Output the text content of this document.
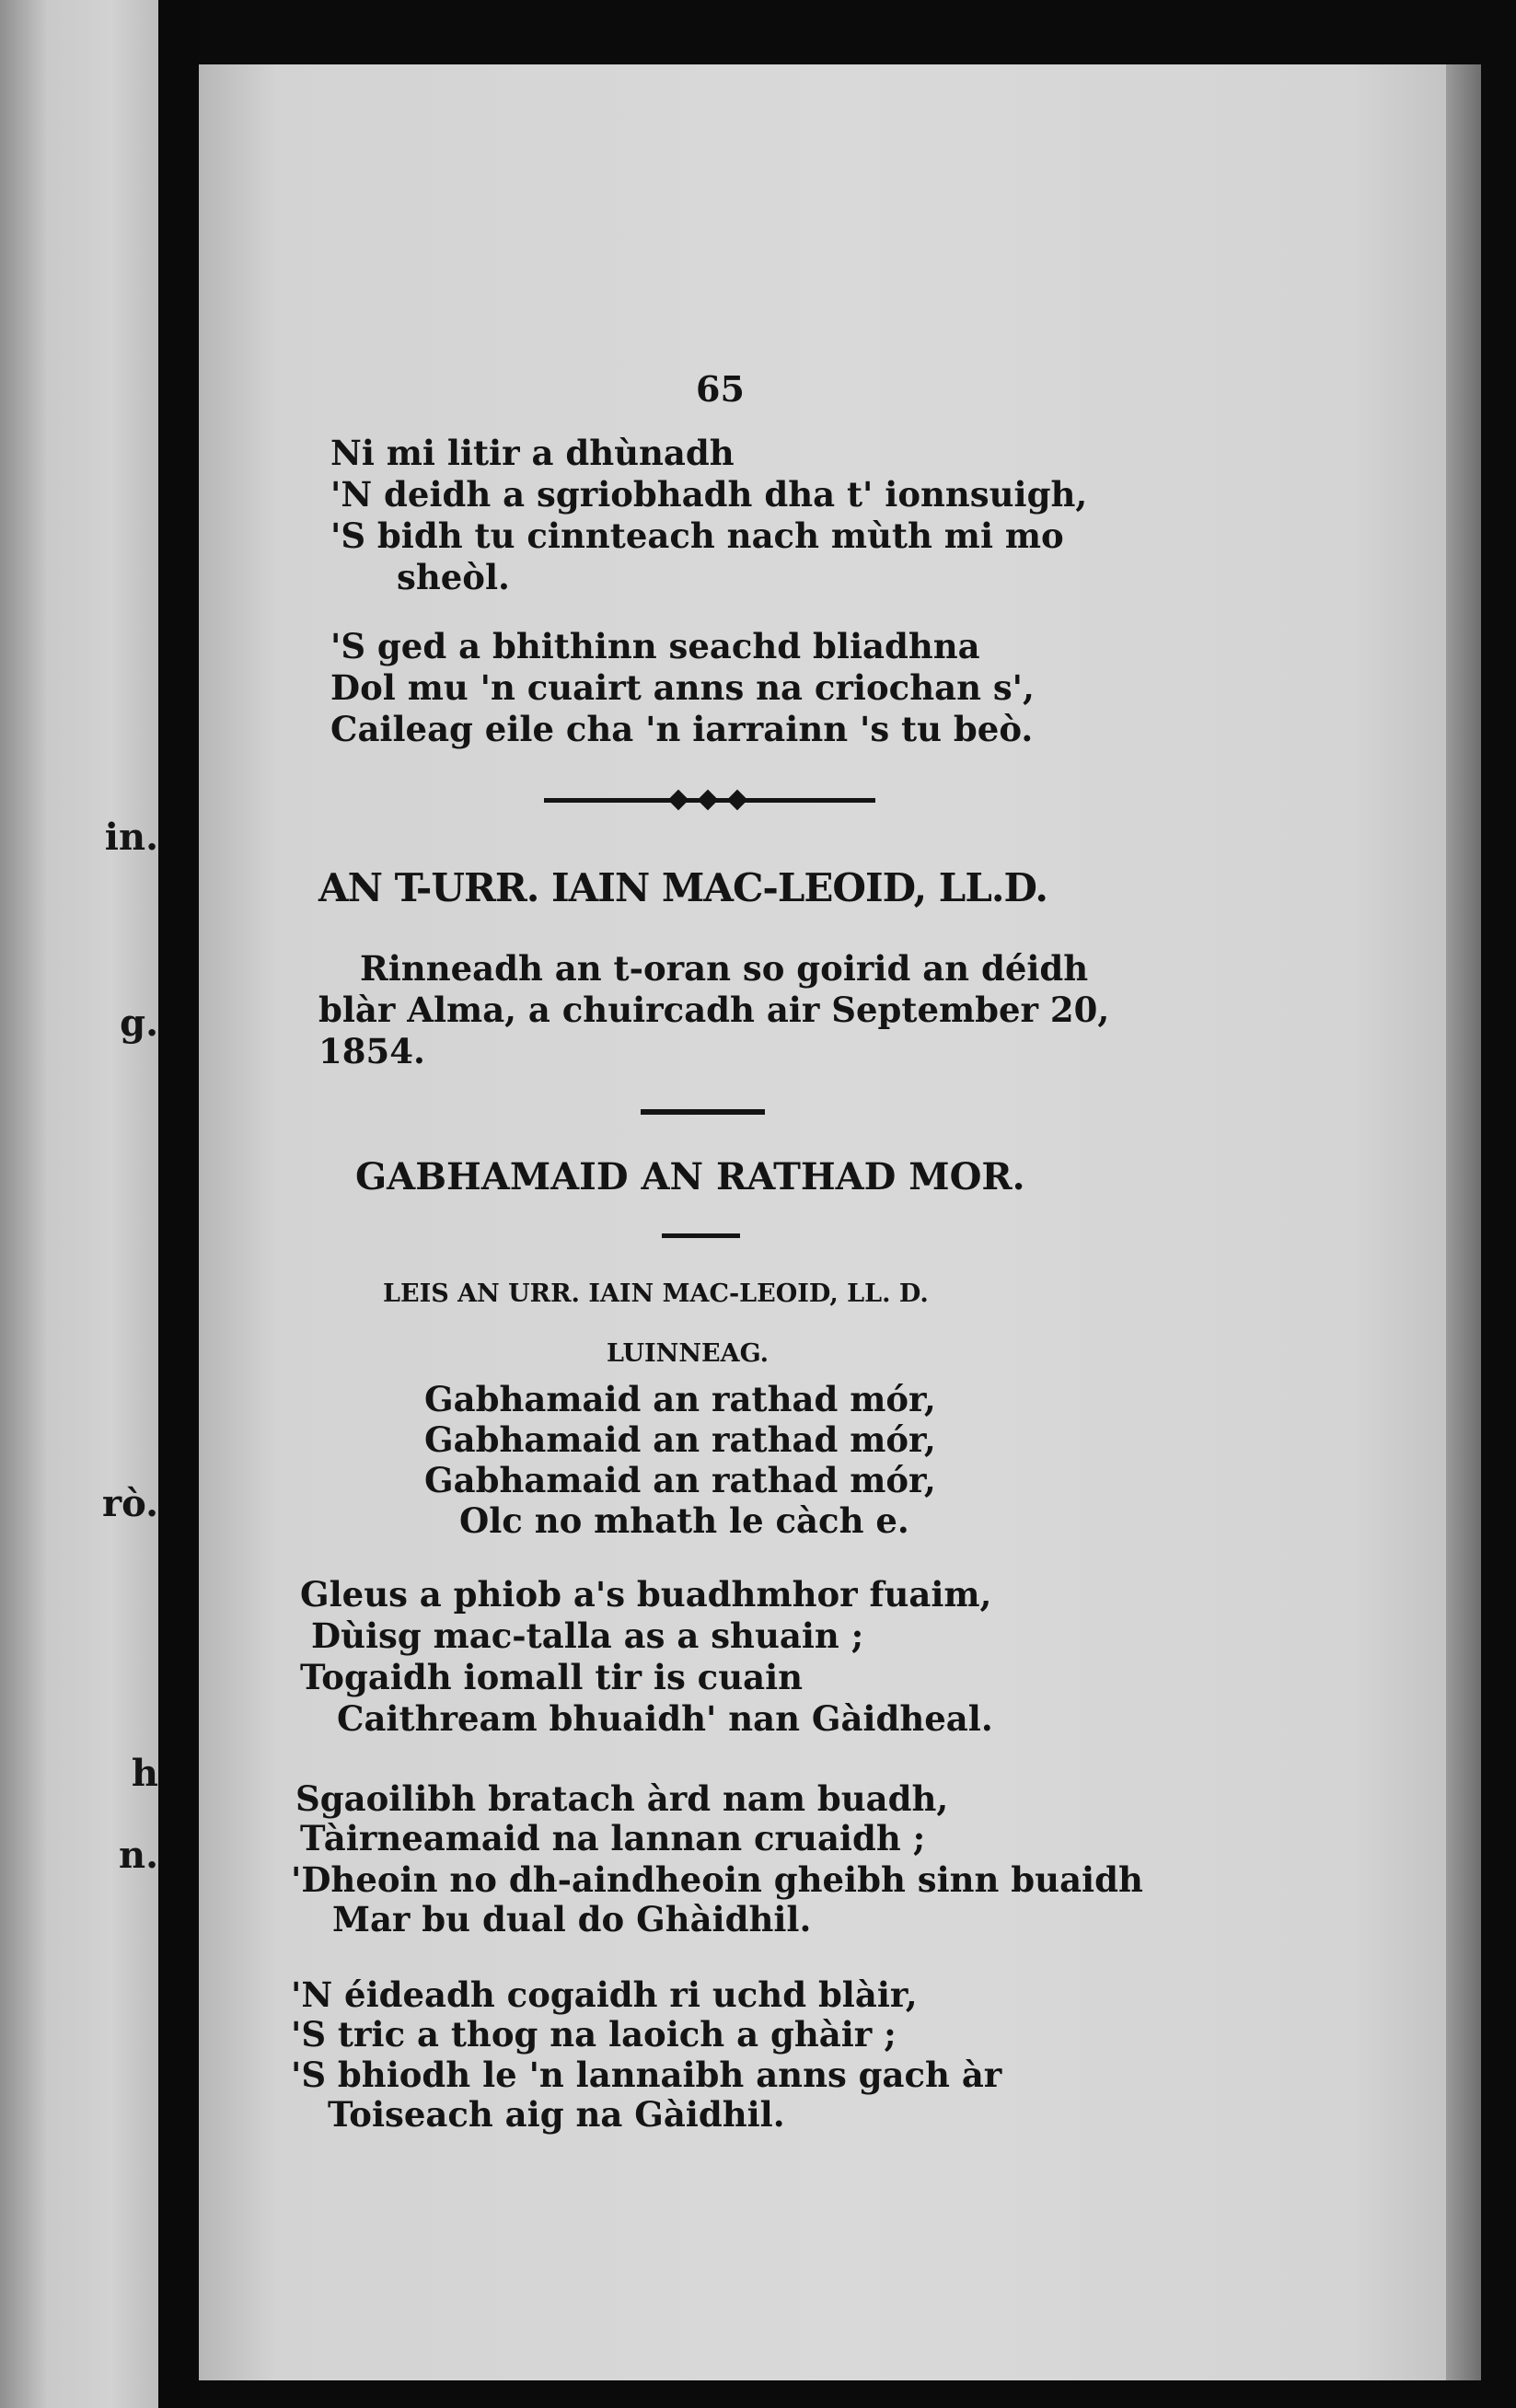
in.
g.
rò.
h
n.
65
Ni mi litir a dhùnadh
'N deidh a sgriobhadh dha t' ionnsuigh,
'S bidh tu cinnteach nach mùth mi mo
sheòl.
'S ged a bhithinn seachd bliadhna
Dol mu 'n cuairt anns na criochan s',
Caileag eile cha 'n iarrainn 's tu beò.
AN T-URR. IAIN MAC-LEOID, LL.D.
Rinneadh an t-oran so goirid an déidh
blàr Alma, a chuircadh air September 20,
1854.
GABHAMAID AN RATHAD MOR.
LEIS AN URR. IAIN MAC-LEOID, LL. D.
LUINNEAG.
Gabhamaid an rathad mór,
Gabhamaid an rathad mór,
Gabhamaid an rathad mór,
Olc no mhath le càch e.
Gleus a phiob a's buadhmhor fuaim,
Dùisg mac-talla as a shuain ;
Togaidh iomall tir is cuain
Caithream bhuaidh' nan Gàidheal.
Sgaoilibh bratach àrd nam buadh,
Tàirneamaid na lannan cruaidh ;
'Dheoin no dh-aindheoin gheibh sinn buaidh
Mar bu dual do Ghàidhil.
'N éideadh cogaidh ri uchd blàir,
'S tric a thog na laoich a ghàir ;
'S bhiodh le 'n lannaibh anns gach àr
Toiseach aig na Gàidhil.
